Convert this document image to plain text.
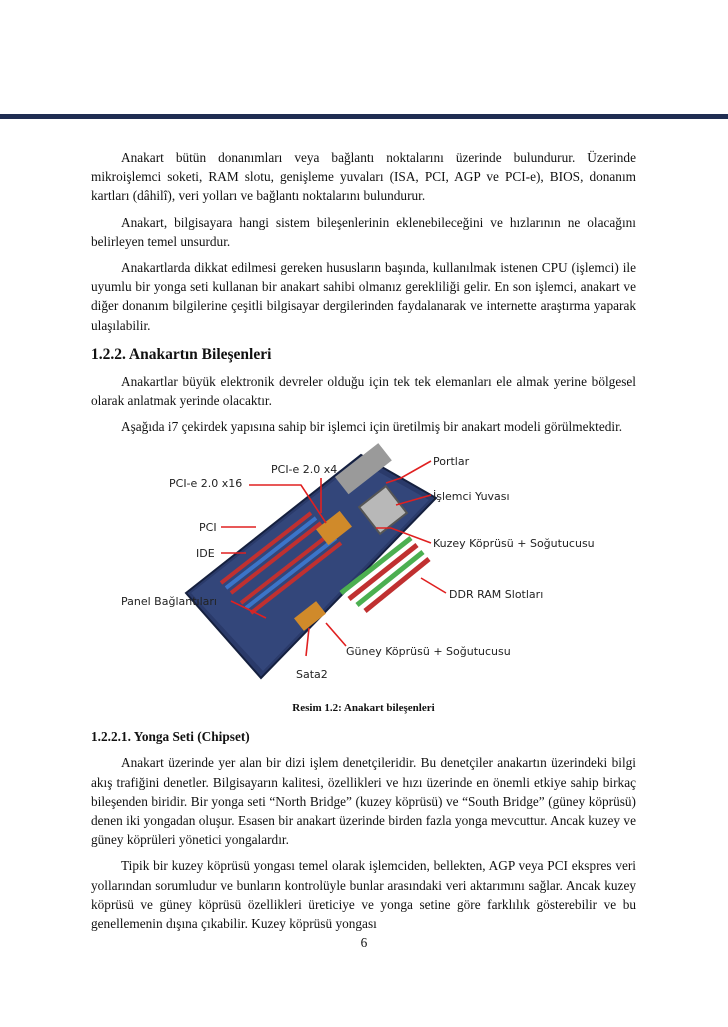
Anakart bütün donanımları veya bağlantı noktalarını üzerinde bulundurur. Üzerinde mikroişlemci soketi, RAM slotu, genişleme yuvaları (ISA, PCI, AGP ve PCI-e), BIOS, donanım kartları (dâhilî), veri yolları ve bağlantı noktalarını bulundurur.

Anakart, bilgisayara hangi sistem bileşenlerinin eklenebileceğini ve hızlarının ne olacağını belirleyen temel unsurdur.

Anakartlarda dikkat edilmesi gereken hususların başında, kullanılmak istenen CPU (işlemci) ile uyumlu bir yonga seti kullanan bir anakart sahibi olmanız gerekliliği gelir. En son işlemci, anakart ve diğer donanım bilgilerine çeşitli bilgisayar dergilerinden faydalanarak ve internette araştırma yaparak ulaşılabilir.

1.2.2. Anakartın Bileşenleri

Anakartlar büyük elektronik devreler olduğu için tek tek elemanları ele almak yerine bölgesel olarak anlatmak yerinde olacaktır.

Aşağıda i7 çekirdek yapısına sahip bir işlemci için üretilmiş bir anakart modeli görülmektedir.

PCI-e 2.0 x16
PCI-e 2.0 x4
Portlar
İşlemci Yuvası
PCI
Kuzey Köprüsü + Soğutucusu
IDE
DDR RAM Slotları
Panel Bağlantıları
Güney Köprüsü + Soğutucusu
Sata2
Resim 1.2: Anakart bileşenleri
1.2.2.1. Yonga Seti (Chipset)

Anakart üzerinde yer alan bir dizi işlem denetçileridir. Bu denetçiler anakartın üzerindeki bilgi akış trafiğini denetler. Bilgisayarın kalitesi, özellikleri ve hızı üzerinde en önemli etkiye sahip birkaç bileşenden biridir. Bir yonga seti “North Bridge” (kuzey köprüsü) ve “South Bridge” (güney köprüsü) denen iki yongadan oluşur. Esasen bir anakart üzerinde birden fazla yonga mevcuttur. Ancak kuzey ve güney köprüleri yönetici yongalardır.

Tipik bir kuzey köprüsü yongası temel olarak işlemciden, bellekten, AGP veya PCI ekspres veri yollarından sorumludur ve bunların kontrolüyle bunlar arasındaki veri aktarımını sağlar. Ancak kuzey köprüsü ve güney köprüsü özellikleri üreticiye ve yonga setine göre farklılık gösterebilir ve bu genellemenin dışına çıkabilir. Kuzey köprüsü yongası

6
